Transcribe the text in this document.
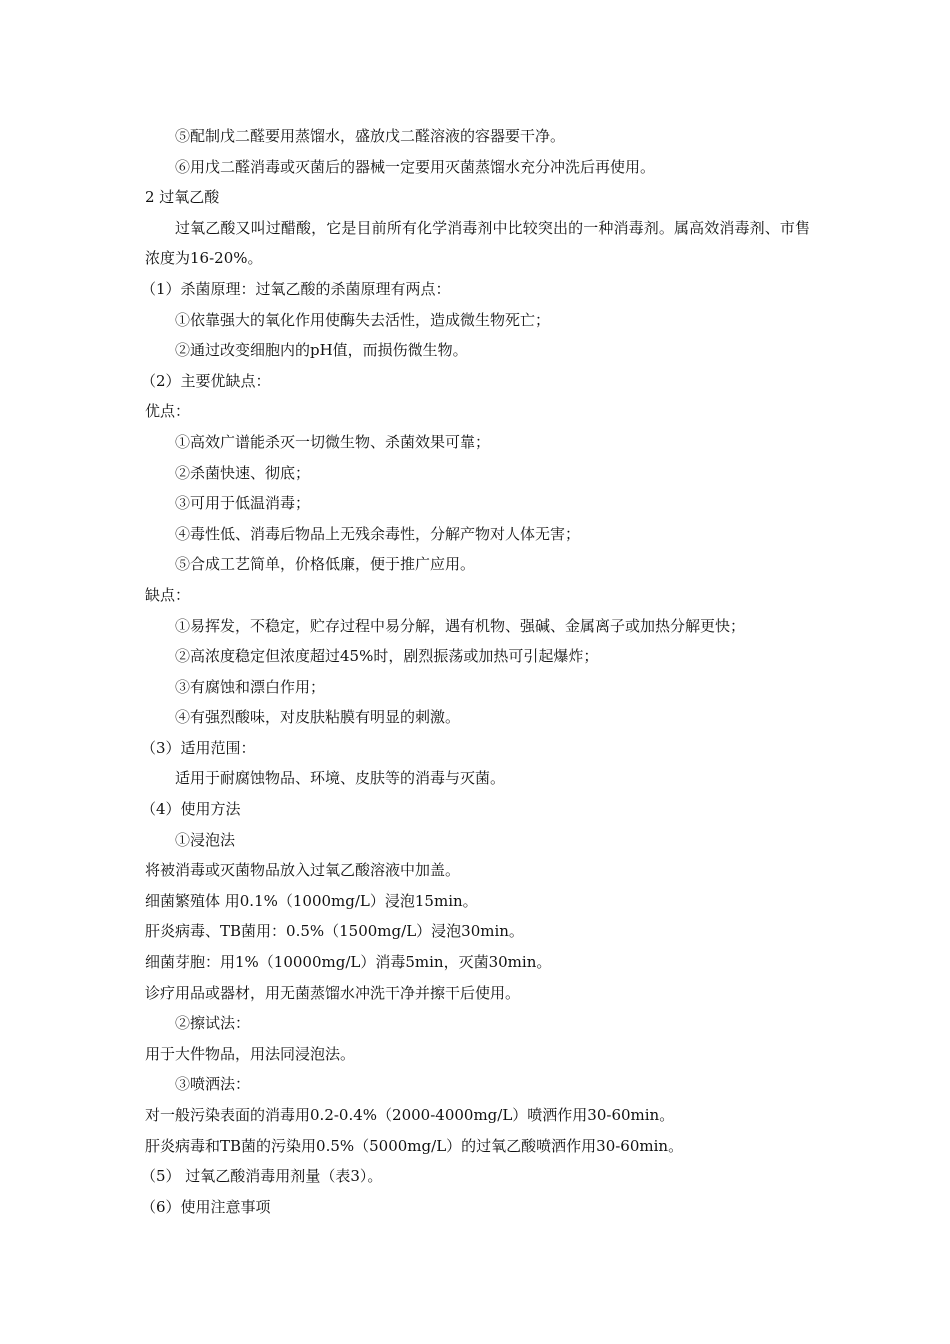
⑤配制戊二醛要用蒸馏水，盛放戊二醛溶液的容器要干净。
⑥用戊二醛消毒或灭菌后的器械一定要用灭菌蒸馏水充分冲洗后再使用。
2 过氧乙酸
过氧乙酸又叫过醋酸，它是目前所有化学消毒剂中比较突出的一种消毒剂。属高效消毒剂、市售浓度为16-20%。
（1）杀菌原理：过氧乙酸的杀菌原理有两点：
①依靠强大的氧化作用使酶失去活性，造成微生物死亡；
②通过改变细胞内的pH值，而损伤微生物。
（2）主要优缺点：
优点：
①高效广谱能杀灭一切微生物、杀菌效果可靠；
②杀菌快速、彻底；
③可用于低温消毒；
④毒性低、消毒后物品上无残余毒性，分解产物对人体无害；
⑤合成工艺简单，价格低廉，便于推广应用。
缺点：
①易挥发，不稳定，贮存过程中易分解，遇有机物、强碱、金属离子或加热分解更快；
②高浓度稳定但浓度超过45%时，剧烈振荡或加热可引起爆炸；
③有腐蚀和漂白作用；
④有强烈酸味，对皮肤粘膜有明显的刺激。
（3）适用范围：
适用于耐腐蚀物品、环境、皮肤等的消毒与灭菌。
（4）使用方法
①浸泡法
将被消毒或灭菌物品放入过氧乙酸溶液中加盖。
细菌繁殖体 用0.1%（1000mg/L）浸泡15min。
肝炎病毒、TB菌用：0.5%（1500mg/L）浸泡30min。
细菌芽胞：用1%（10000mg/L）消毒5min，灭菌30min。
诊疗用品或器材，用无菌蒸馏水冲洗干净并擦干后使用。
②擦试法：
用于大件物品，用法同浸泡法。
③喷洒法：
对一般污染表面的消毒用0.2-0.4%（2000-4000mg/L）喷洒作用30-60min。
肝炎病毒和TB菌的污染用0.5%（5000mg/L）的过氧乙酸喷洒作用30-60min。
（5） 过氧乙酸消毒用剂量（表3）。
（6）使用注意事项
